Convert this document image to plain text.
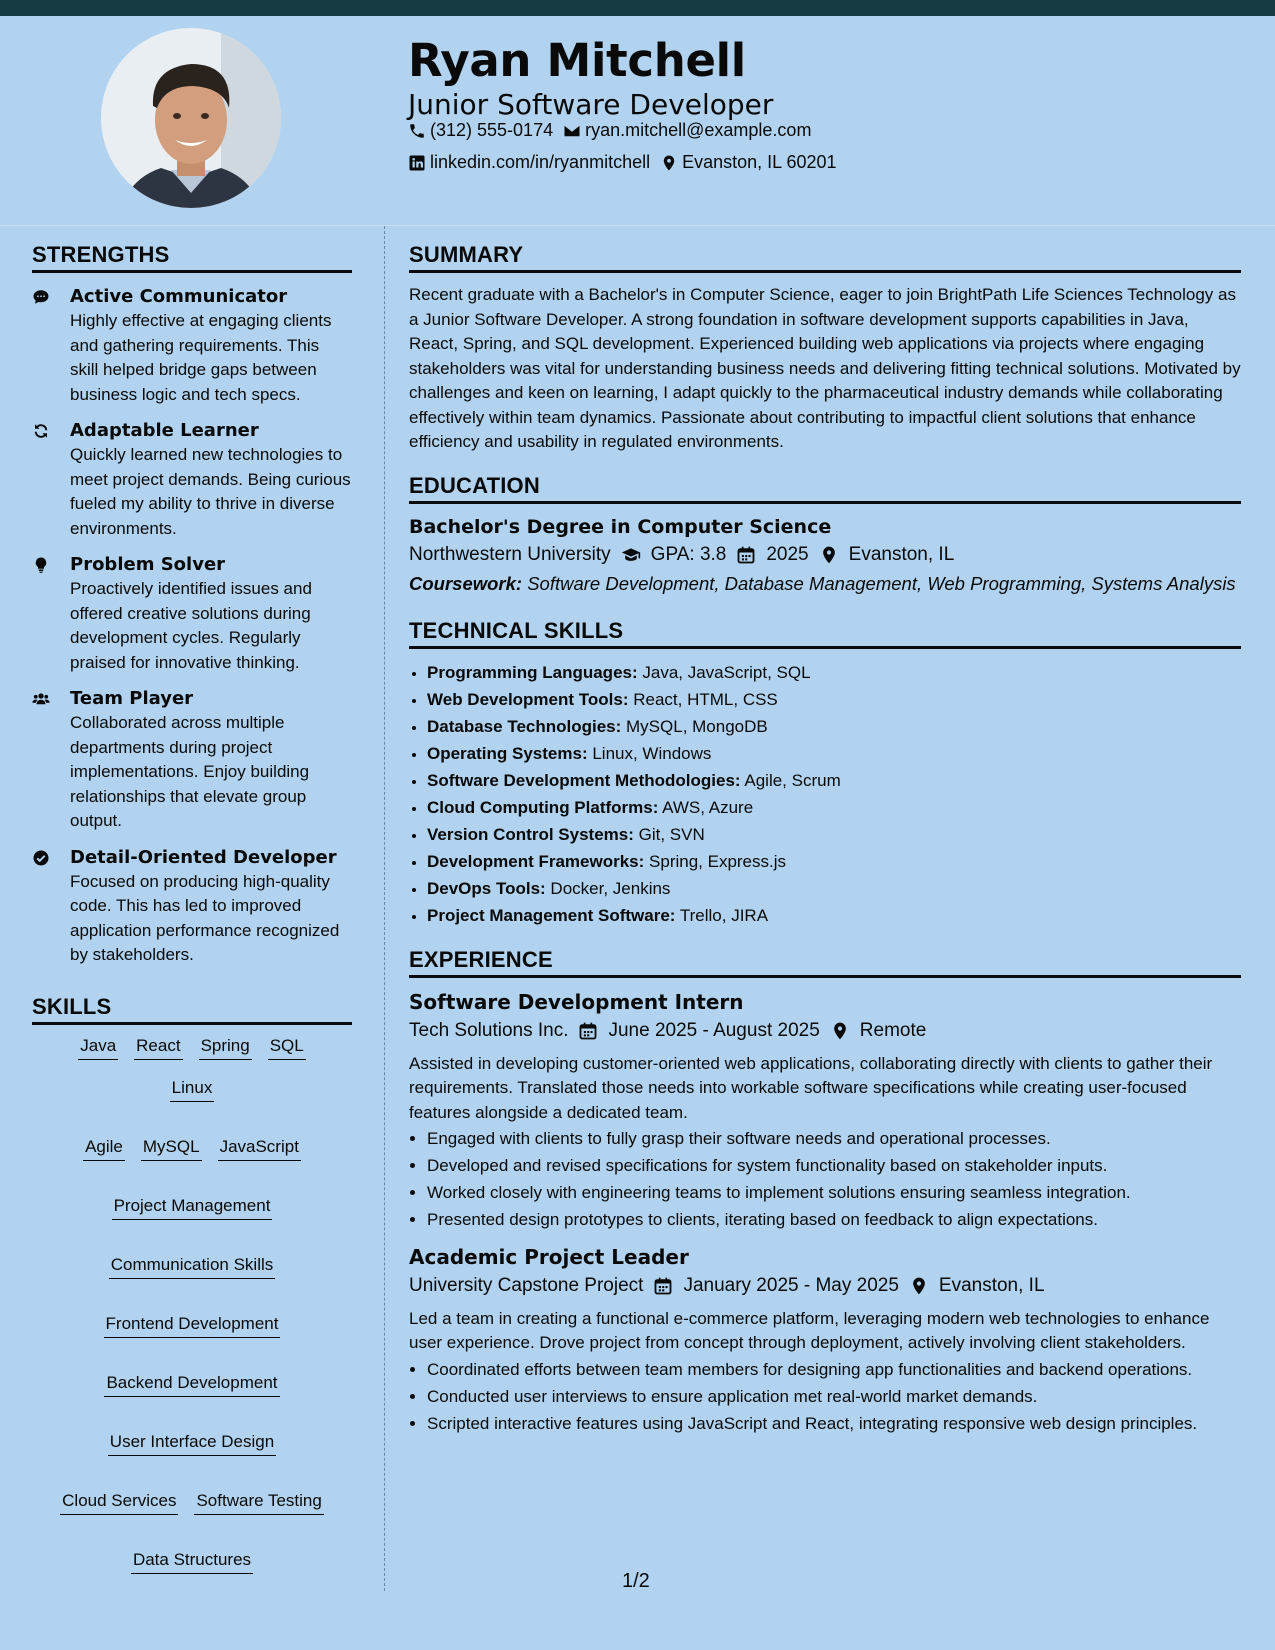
Ryan Mitchell
Junior Software Developer
(312) 555-0174 ryan.mitchell@example.com
linkedin.com/in/ryanmitchell Evanston, IL 60201
STRENGTHS
Active Communicator
Highly effective at engaging clients and gathering requirements. This skill helped bridge gaps between business logic and tech specs.
Adaptable Learner
Quickly learned new technologies to meet project demands. Being curious fueled my ability to thrive in diverse environments.
Problem Solver
Proactively identified issues and offered creative solutions during development cycles. Regularly praised for innovative thinking.
Team Player
Collaborated across multiple departments during project implementations. Enjoy building relationships that elevate group output.
Detail-Oriented Developer
Focused on producing high-quality code. This has led to improved application performance recognized by stakeholders.
SKILLS
Java React Spring SQL
Linux
Agile MySQL JavaScript
Project Management
Communication Skills
Frontend Development
Backend Development
User Interface Design
Cloud Services Software Testing
Data Structures
SUMMARY

Recent graduate with a Bachelor's in Computer Science, eager to join BrightPath Life Sciences Technology as a Junior Software Developer. A strong foundation in software development supports capabilities in Java, React, Spring, and SQL development. Experienced building web applications via projects where engaging stakeholders was vital for understanding business needs and delivering fitting technical solutions. Motivated by challenges and keen on learning, I adapt quickly to the pharmaceutical industry demands while collaborating effectively within team dynamics. Passionate about contributing to impactful client solutions that enhance efficiency and usability in regulated environments.

EDUCATION
Bachelor's Degree in Computer Science
Northwestern University GPA: 3.8 2025 Evanston, IL
Coursework: Software Development, Database Management, Web Programming, Systems Analysis
TECHNICAL SKILLS
• Programming Languages: Java, JavaScript, SQL
• Web Development Tools: React, HTML, CSS
• Database Technologies: MySQL, MongoDB
• Operating Systems: Linux, Windows
• Software Development Methodologies: Agile, Scrum
• Cloud Computing Platforms: AWS, Azure
• Version Control Systems: Git, SVN
• Development Frameworks: Spring, Express.js
• DevOps Tools: Docker, Jenkins
• Project Management Software: Trello, JIRA
EXPERIENCE
Software Development Intern
Tech Solutions Inc. June 2025 - August 2025 Remote

Assisted in developing customer-oriented web applications, collaborating directly with clients to gather their requirements. Translated those needs into workable software specifications while creating user-focused features alongside a dedicated team.

• Engaged with clients to fully grasp their software needs and operational processes.
• Developed and revised specifications for system functionality based on stakeholder inputs.
• Worked closely with engineering teams to implement solutions ensuring seamless integration.
• Presented design prototypes to clients, iterating based on feedback to align expectations.
Academic Project Leader
University Capstone Project January 2025 - May 2025 Evanston, IL

Led a team in creating a functional e-commerce platform, leveraging modern web technologies to enhance user experience. Drove project from concept through deployment, actively involving client stakeholders.

• Coordinated efforts between team members for designing app functionalities and backend operations.
• Conducted user interviews to ensure application met real-world market demands.
• Scripted interactive features using JavaScript and React, integrating responsive web design principles.
1/2
